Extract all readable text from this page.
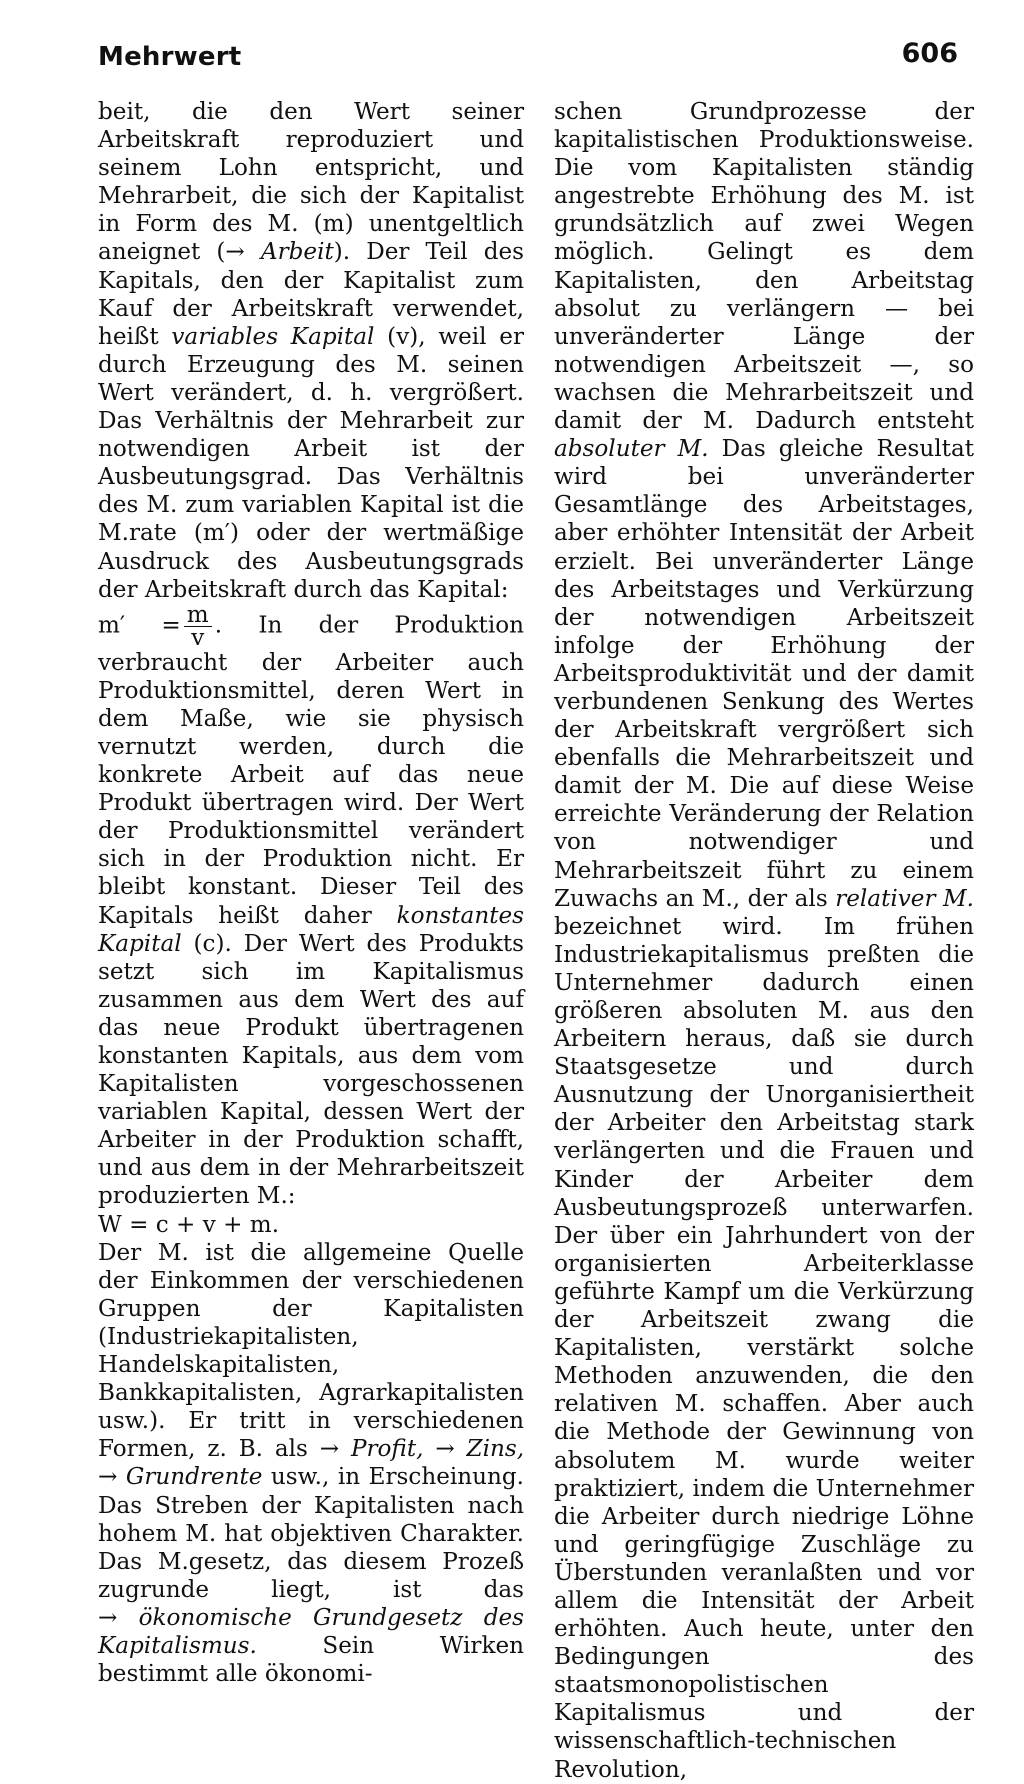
Mehrwert	606

beit, die den Wert seiner Arbeitskraft reproduziert und seinem Lohn entspricht, und Mehrarbeit, die sich der Kapitalist in Form des M. (m) unentgeltlich aneignet (→ Arbeit). Der Teil des Kapitals, den der Kapitalist zum Kauf der Arbeitskraft verwendet, heißt variables Kapital (v), weil er durch Erzeugung des M. seinen Wert verändert, d. h. vergrößert. Das Verhältnis der Mehrarbeit zur notwendigen Arbeit ist der Ausbeutungsgrad. Das Verhältnis des M. zum variablen Kapital ist die M.rate (m′) oder der wertmäßige Ausdruck des Ausbeutungsgrads der Arbeitskraft durch das Kapital:

$m' = \frac{m}{v}$ . In der Produktion verbraucht der Arbeiter auch Produktionsmittel, deren Wert in dem Maße, wie sie physisch vernutzt werden, durch die konkrete Arbeit auf das neue Produkt übertragen wird. Der Wert der Produktionsmittel verändert sich in der Produktion nicht. Er bleibt konstant. Dieser Teil des Kapitals heißt daher konstantes Kapital (c). Der Wert des Produkts setzt sich im Kapitalismus zusammen aus dem Wert des auf das neue Produkt übertragenen konstanten Kapitals, aus dem vom Kapitalisten vorgeschossenen variablen Kapital, dessen Wert der Arbeiter in der Produktion schafft, und aus dem in der Mehrarbeitszeit produzierten M.:

W = c + v + m.

Der M. ist die allgemeine Quelle der Einkommen der verschiedenen Gruppen der Kapitalisten (Industriekapitalisten, Handelskapitalisten, Bankkapitalisten, Agrarkapitalisten usw.). Er tritt in verschiedenen Formen, z. B. als → Profit, → Zins, → Grundrente usw., in Erscheinung. Das Streben der Kapitalisten nach hohem M. hat objektiven Charakter. Das M.gesetz, das diesem Prozeß zugrunde liegt, ist das → ökonomische Grundgesetz des Kapitalismus. Sein Wirken bestimmt alle ökonomi-

schen Grundprozesse der kapitalistischen Produktionsweise. Die vom Kapitalisten ständig angestrebte Erhöhung des M. ist grundsätzlich auf zwei Wegen möglich. Gelingt es dem Kapitalisten, den Arbeitstag absolut zu verlängern — bei unveränderter Länge der notwendigen Arbeitszeit —, so wachsen die Mehrarbeitszeit und damit der M. Dadurch entsteht absoluter M. Das gleiche Resultat wird bei unveränderter Gesamtlänge des Arbeitstages, aber erhöhter Intensität der Arbeit erzielt. Bei unveränderter Länge des Arbeitstages und Verkürzung der notwendigen Arbeitszeit infolge der Erhöhung der Arbeitsproduktivität und der damit verbundenen Senkung des Wertes der Arbeitskraft vergrößert sich ebenfalls die Mehrarbeitszeit und damit der M. Die auf diese Weise erreichte Veränderung der Relation von notwendiger und Mehrarbeitszeit führt zu einem Zuwachs an M., der als relativer M. bezeichnet wird. Im frühen Industriekapitalismus preßten die Unternehmer dadurch einen größeren absoluten M. aus den Arbeitern heraus, daß sie durch Staatsgesetze und durch Ausnutzung der Unorganisiertheit der Arbeiter den Arbeitstag stark verlängerten und die Frauen und Kinder der Arbeiter dem Ausbeutungsprozeß unterwarfen. Der über ein Jahrhundert von der organisierten Arbeiterklasse geführte Kampf um die Verkürzung der Arbeitszeit zwang die Kapitalisten, verstärkt solche Methoden anzuwenden, die den relativen M. schaffen. Aber auch die Methode der Gewinnung von absolutem M. wurde weiter praktiziert, indem die Unternehmer die Arbeiter durch niedrige Löhne und geringfügige Zuschläge zu Überstunden veranlaßten und vor allem die Intensität der Arbeit erhöhten. Auch heute, unter den Bedingungen des staatsmonopolistischen Kapitalismus und der wissenschaftlich-technischen Revolution,
